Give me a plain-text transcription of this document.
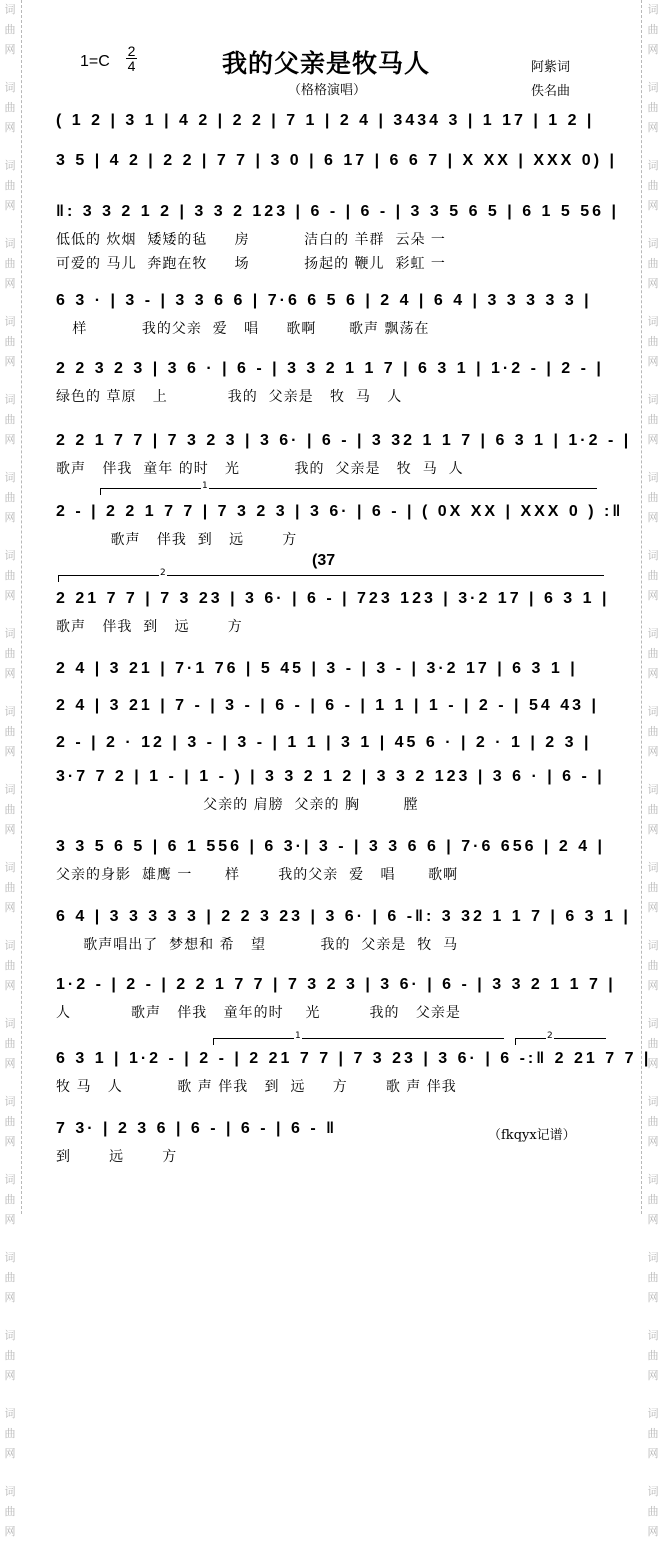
词
曲
网
词
曲
网
词
曲
网
词
曲
网
词
曲
网
词
曲
网
词
曲
网
词
曲
网
词
曲
网
词
曲
网
词
曲
网
词
曲
网
词
曲
网
词
曲
网
词
曲
网
词
曲
网
词
曲
网
词
曲
网
词
曲
网
词
曲
网
词
曲
网
词
曲
网
词
曲
网
词
曲
网
词
曲
网
词
曲
网
词
曲
网
词
曲
网
词
曲
网
词
曲
网
词
曲
网
词
曲
网
词
曲
网
词
曲
网
词
曲
网
词
曲
网
词
曲
网
词
曲
网
词
曲
网
词
曲
网
1=C
2
4	我的父亲是牧马人
（格格演唱）
阿紫词
佚名曲
( 1 2 | 3 1 | 4 2 | 2 2 | 7 1 | 2 4 | 3434 3 | 1 17 | 1 2 |
3 5 | 4 2 | 2 2 | 7 7 | 3 0 | 6 17 | 6 6 7 | X XX | XXX 0) |
‖: 3 3 2 1 2 | 3 3 2 123 | 6 - | 6 - | 3 3 5 6 5 | 6 1 5 56 |
低低的 炊烟  矮矮的毡     房          洁白的 羊群  云朵 一
可爱的 马儿  奔跑在牧     场          扬起的 鞭儿  彩虹 一
6 3 · | 3 - | 3 3 6 6 | 7·6 6 5 6 | 2 4 | 6 4 | 3 3 3 3 3 |
样          我的父亲  爱   唱     歌啊      歌声 飘荡在
2 2 3 2 3 | 3 6 · | 6 - | 3 3 2 1 1 7 | 6 3 1 | 1·2 - | 2 - |
绿色的 草原   上           我的  父亲是   牧  马   人
2 2 1 7 7 | 7 3 2 3 | 3 6· | 6 - | 3 32 1 1 7 | 6 3 1 | 1·2 - |
歌声   伴我  童年 的时   光          我的  父亲是   牧  马  人
1
2 - | 2 2 1 7 7 | 7 3 2 3 | 3 6· | 6 - | ( 0X XX | XXX 0 ) :‖
歌声   伴我  到   远       方
(37
2
2 21 7 7 | 7 3 23 | 3 6· | 6 - | 723 123 | 3·2 17 | 6 3 1 |
歌声   伴我  到   远       方
2 4 | 3 21 | 7·1 76 | 5 45 | 3 - | 3 - | 3·2 17 | 6 3 1 |
2 4 | 3 21 | 7 - | 3 - | 6 - | 6 - | 1 1 | 1 - | 2 - | 54 43 |
2 - | 2 · 12 | 3 - | 3 - | 1 1 | 3 1 | 45 6 · | 2 · 1 | 2 3 |
3·7 7 2 | 1 - | 1 - ) | 3 3 2 1 2 | 3 3 2 123 | 3 6 · | 6 - |
父亲的 肩膀  父亲的 胸        膛
3 3 5 6 5 | 6 1 556 | 6 3·| 3 - | 3 3 6 6 | 7·6 656 | 2 4 |
父亲的身影  雄鹰 一      样       我的父亲  爱   唱      歌啊
6 4 | 3 3 3 3 3 | 2 2 3 23 | 3 6· | 6 -‖: 3 32 1 1 7 | 6 3 1 |
歌声唱出了  梦想和 希   望          我的  父亲是  牧  马
1·2 - | 2 - | 2 2 1 7 7 | 7 3 2 3 | 3 6· | 6 - | 3 3 2 1 1 7 |
人           歌声   伴我   童年的时    光         我的   父亲是
1	2
6 3 1 | 1·2 - | 2 - | 2 21 7 7 | 7 3 23 | 3 6· | 6 -:‖ 2 21 7 7 |
牧 马   人          歌 声 伴我   到  远     方       歌 声 伴我
7 3· | 2 3 6 | 6 - | 6 - | 6 - ‖
到       远       方
（fkqyx记谱）
